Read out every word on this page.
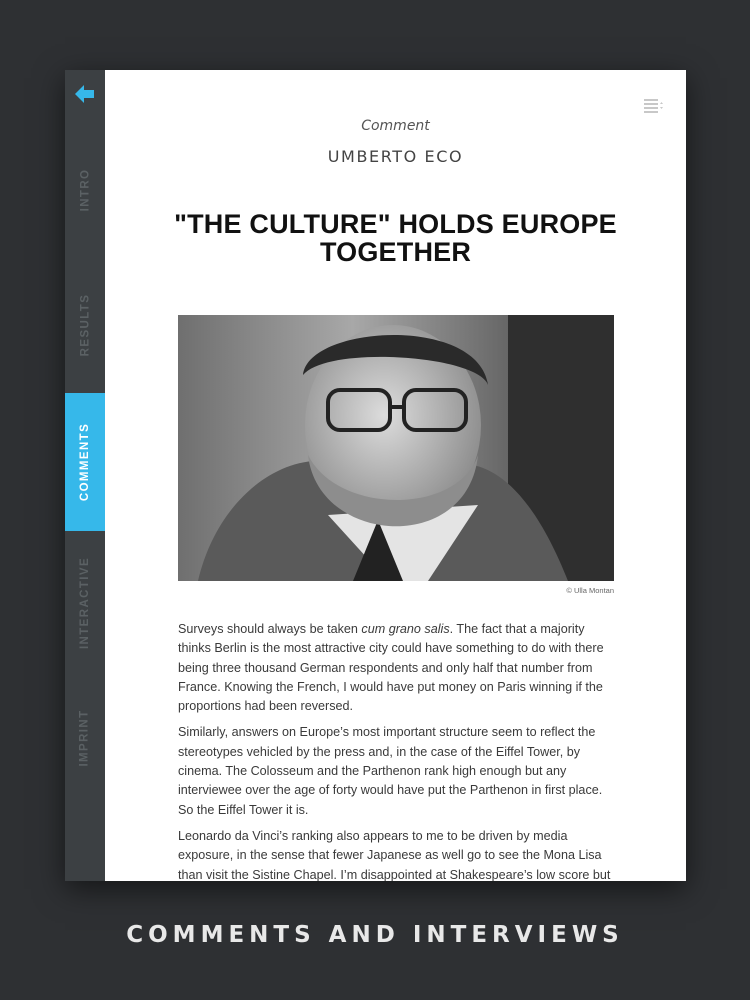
INTRO
RESULTS
COMMENTS
INTERACTIVE
IMPRINT
Comment
UMBERTO ECO
"THE CULTURE" HOLDS EUROPE TOGETHER
© Ulla Montan

Surveys should always be taken cum grano salis. The fact that a majority thinks Berlin is the most attractive city could have something to do with there being three thousand German respondents and only half that number from France. Knowing the French, I would have put money on Paris winning if the proportions had been reversed.

Similarly, answers on Europe’s most important structure seem to reflect the stereotypes vehicled by the press and, in the case of the Eiffel Tower, by cinema. The Colosseum and the Parthenon rank high enough but any interviewee over the age of forty would have put the Parthenon in first place. So the Eiffel Tower it is.

Leonardo da Vinci’s ranking also appears to me to be driven by media exposure, in the sense that fewer Japanese as well go to see the Mona Lisa than visit the Sistine Chapel. I’m disappointed at Shakespeare’s low score but

COMMENTS AND INTERVIEWS
